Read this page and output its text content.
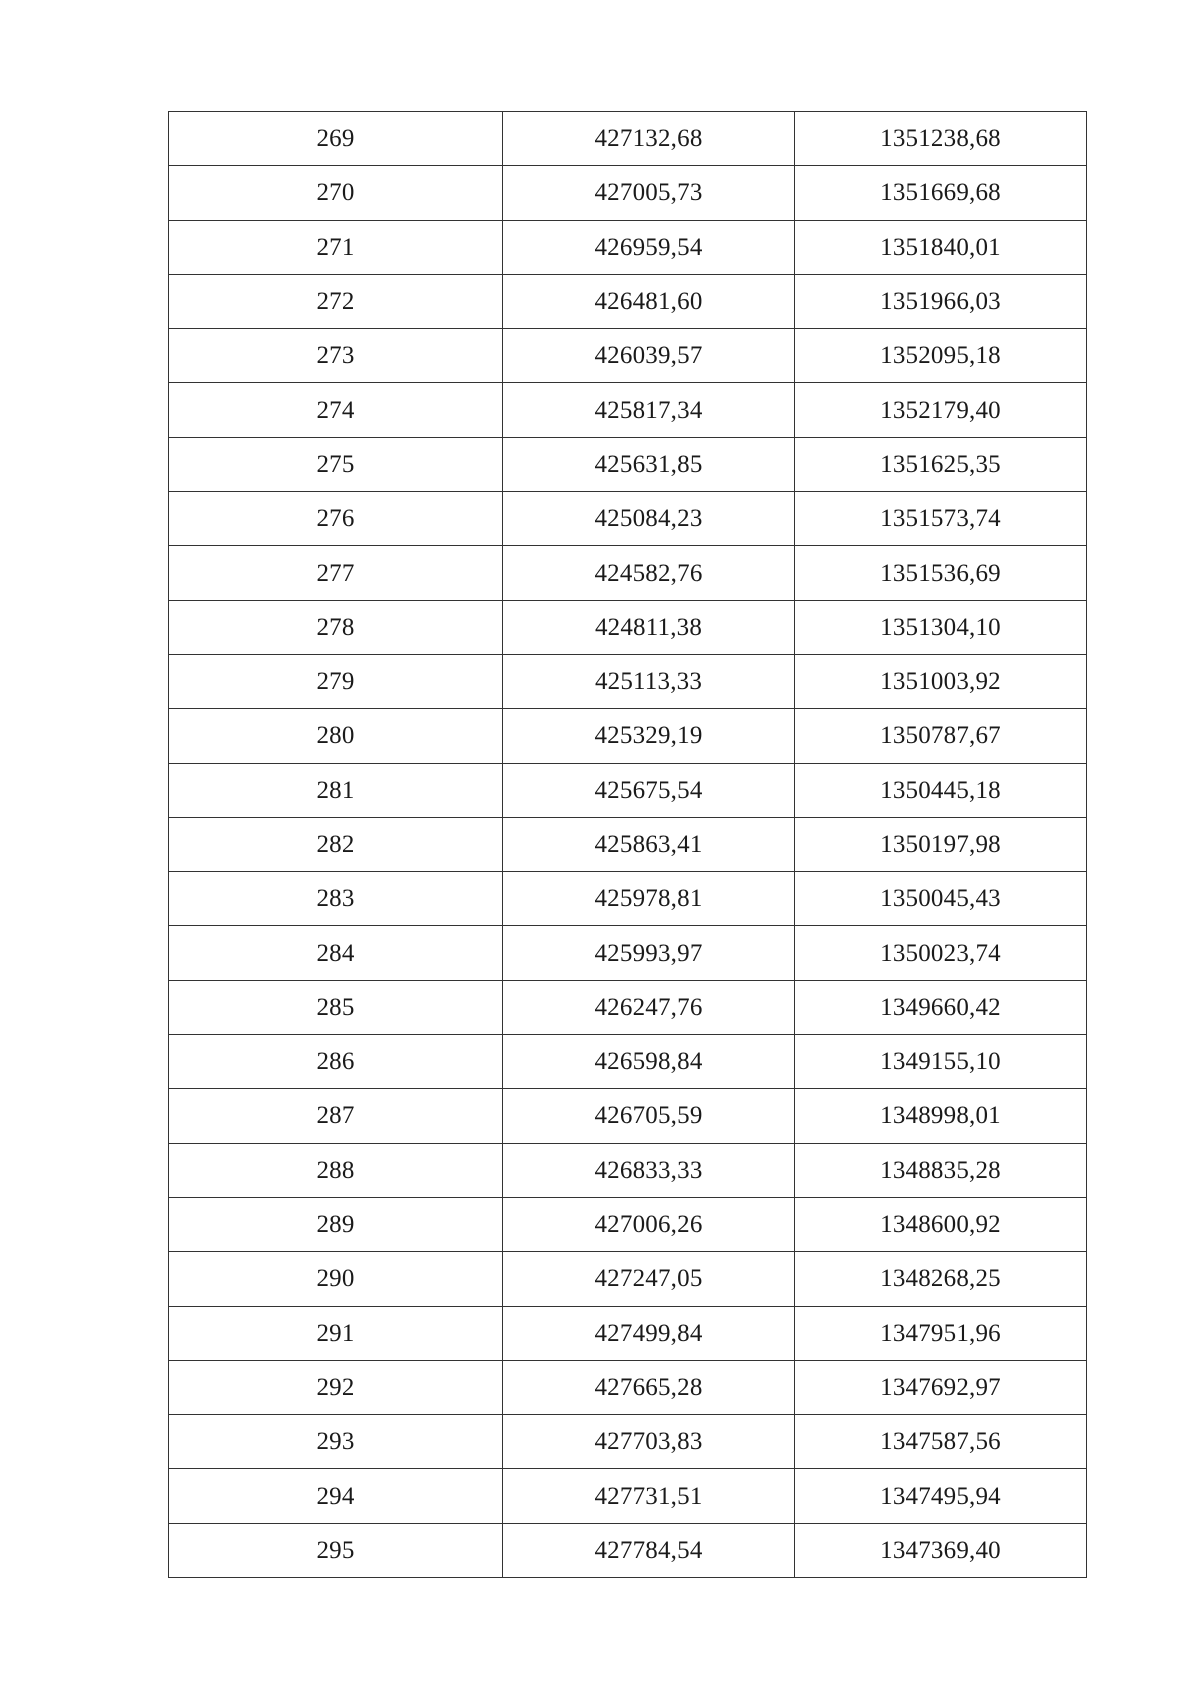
269	427132,68	1351238,68
270	427005,73	1351669,68
271	426959,54	1351840,01
272	426481,60	1351966,03
273	426039,57	1352095,18
274	425817,34	1352179,40
275	425631,85	1351625,35
276	425084,23	1351573,74
277	424582,76	1351536,69
278	424811,38	1351304,10
279	425113,33	1351003,92
280	425329,19	1350787,67
281	425675,54	1350445,18
282	425863,41	1350197,98
283	425978,81	1350045,43
284	425993,97	1350023,74
285	426247,76	1349660,42
286	426598,84	1349155,10
287	426705,59	1348998,01
288	426833,33	1348835,28
289	427006,26	1348600,92
290	427247,05	1348268,25
291	427499,84	1347951,96
292	427665,28	1347692,97
293	427703,83	1347587,56
294	427731,51	1347495,94
295	427784,54	1347369,40
